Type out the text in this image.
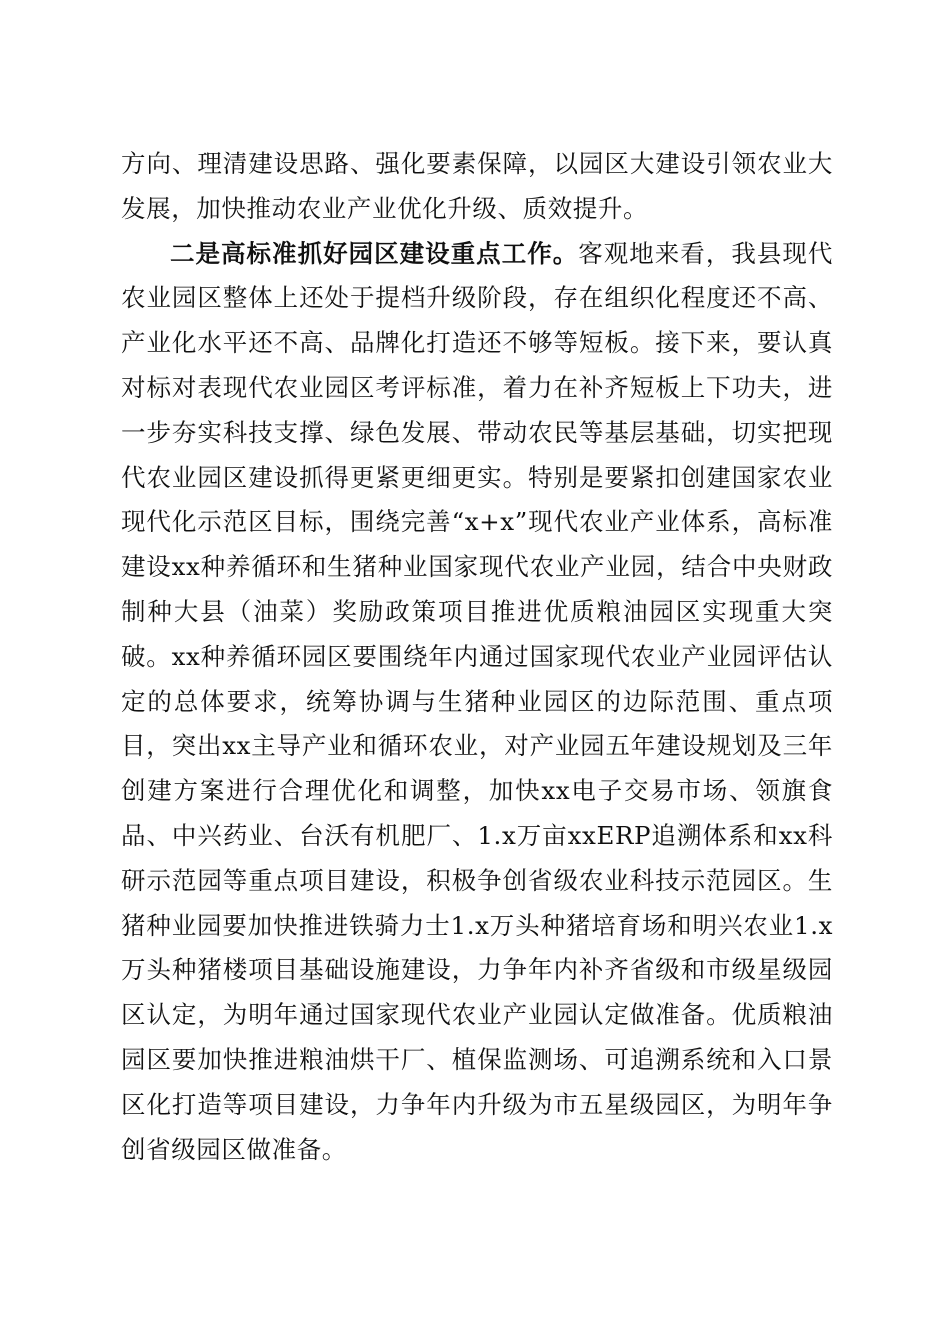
方向、理清建设思路、强化要素保障，以园区大建设引领农业大发展，加快推动农业产业优化升级、质效提升。

二是高标准抓好园区建设重点工作。客观地来看，我县现代农业园区整体上还处于提档升级阶段，存在组织化程度还不高、产业化水平还不高、品牌化打造还不够等短板。接下来，要认真对标对表现代农业园区考评标准，着力在补齐短板上下功夫，进一步夯实科技支撑、绿色发展、带动农民等基层基础，切实把现代农业园区建设抓得更紧更细更实。特别是要紧扣创建国家农业现代化示范区目标，围绕完善“x+x”现代农业产业体系，高标准建设xx种养循环和生猪种业国家现代农业产业园，结合中央财政制种大县（油菜）奖励政策项目推进优质粮油园区实现重大突破。xx种养循环园区要围绕年内通过国家现代农业产业园评估认定的总体要求，统筹协调与生猪种业园区的边际范围、重点项目，突出xx主导产业和循环农业，对产业园五年建设规划及三年创建方案进行合理优化和调整，加快xx电子交易市场、领旗食品、中兴药业、台沃有机肥厂、1.x万亩xxERP追溯体系和xx科研示范园等重点项目建设，积极争创省级农业科技示范园区。生猪种业园要加快推进铁骑力士1.x万头种猪培育场和明兴农业1.x万头种猪楼项目基础设施建设，力争年内补齐省级和市级星级园区认定，为明年通过国家现代农业产业园认定做准备。优质粮油园区要加快推进粮油烘干厂、植保监测场、可追溯系统和入口景区化打造等项目建设，力争年内升级为市五星级园区，为明年争创省级园区做准备。
